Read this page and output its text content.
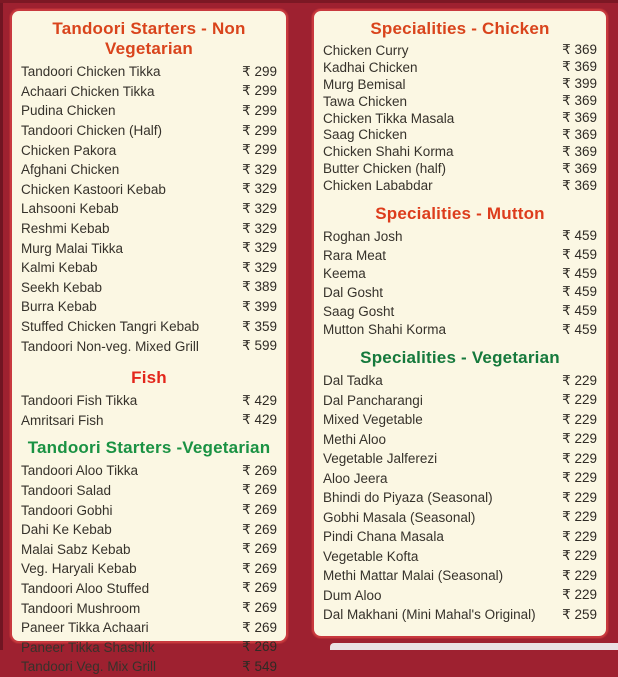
Tandoori Starters - Non Vegetarian
Tandoori Chicken Tikka	₹ 299
Achaari Chicken Tikka	₹ 299
Pudina Chicken	₹ 299
Tandoori Chicken (Half)	₹ 299
Chicken Pakora	₹ 299
Afghani Chicken	₹ 329
Chicken Kastoori Kebab	₹ 329
Lahsooni Kebab	₹ 329
Reshmi Kebab	₹ 329
Murg Malai Tikka	₹ 329
Kalmi Kebab	₹ 329
Seekh Kebab	₹ 389
Burra Kebab	₹ 399
Stuffed Chicken Tangri Kebab	₹ 359
Tandoori Non-veg. Mixed Grill	₹ 599
Fish
Tandoori Fish Tikka	₹ 429
Amritsari Fish	₹ 429
Tandoori Starters -Vegetarian
Tandoori Aloo Tikka	₹ 269
Tandoori Salad	₹ 269
Tandoori Gobhi	₹ 269
Dahi Ke Kebab	₹ 269
Malai Sabz Kebab	₹ 269
Veg. Haryali Kebab	₹ 269
Tandoori Aloo Stuffed	₹ 269
Tandoori Mushroom	₹ 269
Paneer Tikka Achaari	₹ 269
Paneer Tikka Shashlik	₹ 269
Tandoori Veg. Mix Grill	₹ 549
Specialities - Chicken
Chicken Curry	₹ 369
Kadhai Chicken	₹ 369
Murg Bemisal	₹ 399
Tawa Chicken	₹ 369
Chicken Tikka Masala	₹ 369
Saag Chicken	₹ 369
Chicken Shahi Korma	₹ 369
Butter Chicken (half)	₹ 369
Chicken Lababdar	₹ 369
Specialities - Mutton
Roghan Josh	₹ 459
Rara Meat	₹ 459
Keema	₹ 459
Dal Gosht	₹ 459
Saag Gosht	₹ 459
Mutton Shahi Korma	₹ 459
Specialities - Vegetarian
Dal Tadka	₹ 229
Dal Pancharangi	₹ 229
Mixed Vegetable	₹ 229
Methi Aloo	₹ 229
Vegetable Jalferezi	₹ 229
Aloo Jeera	₹ 229
Bhindi do Piyaza (Seasonal)	₹ 229
Gobhi Masala (Seasonal)	₹ 229
Pindi Chana Masala	₹ 229
Vegetable Kofta	₹ 229
Methi Mattar Malai (Seasonal)	₹ 229
Dum Aloo	₹ 229
Dal Makhani (Mini Mahal's Original) ₹ 259
